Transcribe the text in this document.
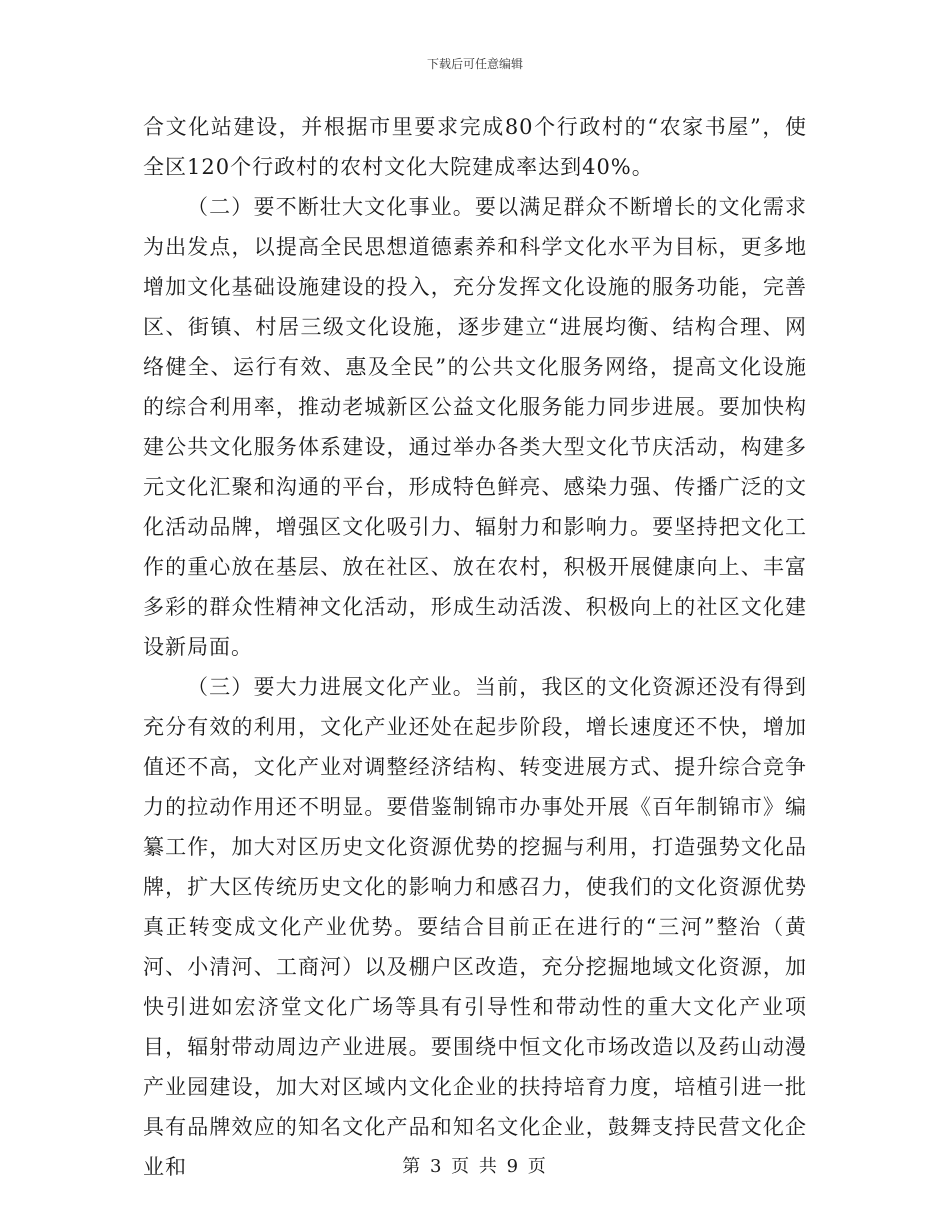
下载后可任意编辑

合文化站建设，并根据市里要求完成80个行政村的“农家书屋”，使全区120个行政村的农村文化大院建成率达到40%。

（二）要不断壮大文化事业。要以满足群众不断增长的文化需求为出发点，以提高全民思想道德素养和科学文化水平为目标，更多地增加文化基础设施建设的投入，充分发挥文化设施的服务功能，完善区、街镇、村居三级文化设施，逐步建立“进展均衡、结构合理、网络健全、运行有效、惠及全民”的公共文化服务网络，提高文化设施的综合利用率，推动老城新区公益文化服务能力同步进展。要加快构建公共文化服务体系建设，通过举办各类大型文化节庆活动，构建多元文化汇聚和沟通的平台，形成特色鲜亮、感染力强、传播广泛的文化活动品牌，增强区文化吸引力、辐射力和影响力。要坚持把文化工作的重心放在基层、放在社区、放在农村，积极开展健康向上、丰富多彩的群众性精神文化活动，形成生动活泼、积极向上的社区文化建设新局面。

（三）要大力进展文化产业。当前，我区的文化资源还没有得到充分有效的利用，文化产业还处在起步阶段，增长速度还不快，增加值还不高，文化产业对调整经济结构、转变进展方式、提升综合竞争力的拉动作用还不明显。要借鉴制锦市办事处开展《百年制锦市》编纂工作，加大对区历史文化资源优势的挖掘与利用，打造强势文化品牌，扩大区传统历史文化的影响力和感召力，使我们的文化资源优势真正转变成文化产业优势。要结合目前正在进行的“三河”整治（黄河、小清河、工商河）以及棚户区改造，充分挖掘地域文化资源，加快引进如宏济堂文化广场等具有引导性和带动性的重大文化产业项目，辐射带动周边产业进展。要围绕中恒文化市场改造以及药山动漫产业园建设，加大对区域内文化企业的扶持培育力度，培植引进一批具有品牌效应的知名文化产品和知名文化企业，鼓舞支持民营文化企业和	第 3 页 共 9 页
